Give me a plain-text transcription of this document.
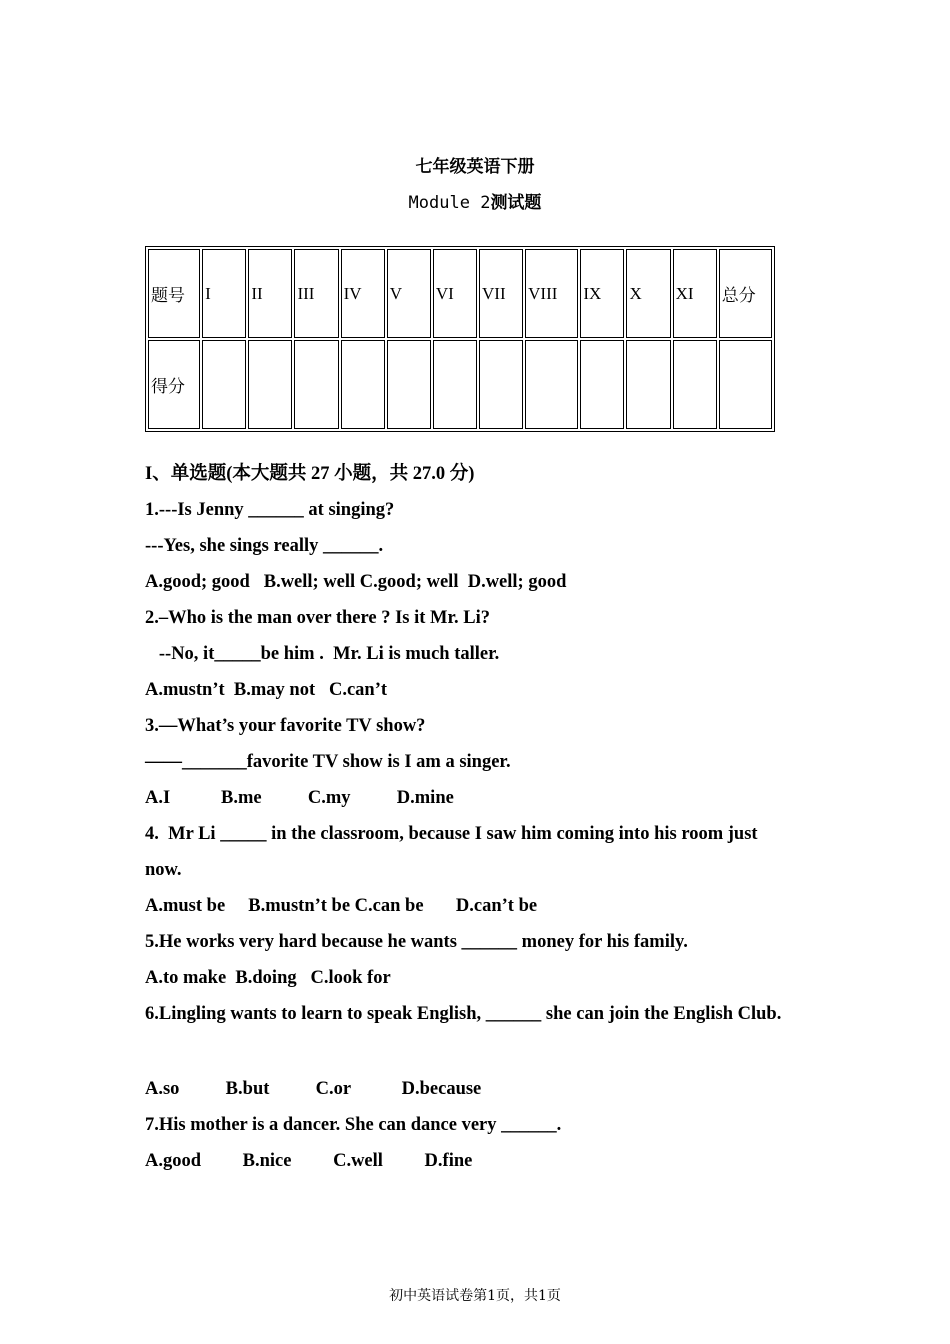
七年级英语下册
Module 2测试题
题号	I	II	III	IV	V	VI	VII	VIII	IX	X	XI	总分
得分												

I、单选题(本大题共 27 小题，共 27.0 分)

1.---Is Jenny ______ at singing?

---Yes, she sings really ______.

A.good; good   B.well; well C.good; well  D.well; good

2.–Who is the man over there ? Is it Mr. Li?

--No, it_____be him .  Mr. Li is much taller.

A.mustn’t  B.may not   C.can’t

3.—What’s your favorite TV show?

——_______favorite TV show is I am a singer.

A.I           B.me          C.my          D.mine

4.  Mr Li _____ in the classroom, because I saw him coming into his room just

now.

A.must be     B.mustn’t be C.can be       D.can’t be

5.He works very hard because he wants ______ money for his family.

A.to make  B.doing   C.look for

6.Lingling wants to learn to speak English, ______ she can join the English Club.

A.so          B.but          C.or           D.because

7.His mother is a dancer. She can dance very ______.

A.good         B.nice         C.well         D.fine

初中英语试卷第1页，共1页
